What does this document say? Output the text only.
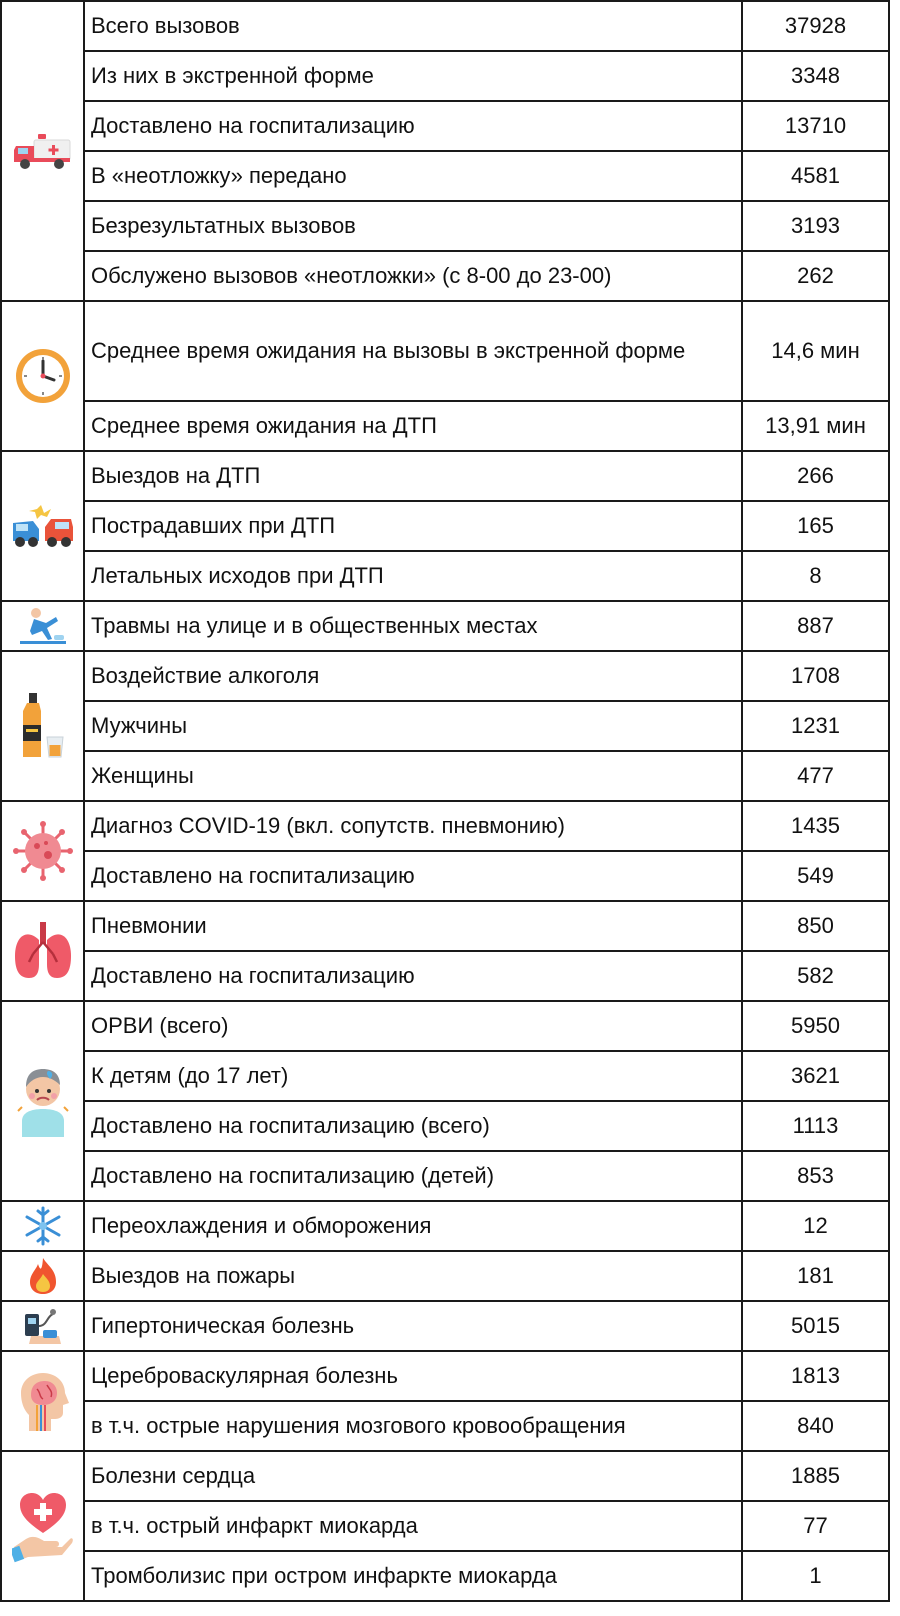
	Всего вызовов	37928
	Из них в экстренной форме	3348
	Доставлено на госпитализацию	13710
	В «неотложку» передано	4581
	Безрезультатных вызовов	3193
	Обслужено вызовов «неотложки» (с 8-00 до 23-00)	262

	Среднее время ожидания на вызовы в экстренной форме	14,6 мин
	Среднее время ожидания на ДТП	13,91 мин

	Выездов на ДТП	266
	Пострадавших при ДТП	165
	Летальных исходов при ДТП	8

	Травмы на улице и в общественных местах	887

	Воздействие алкоголя	1708
	Мужчины	1231
	Женщины	477

	Диагноз COVID-19 (вкл. сопутств. пневмонию)	1435
	Доставлено на госпитализацию	549

	Пневмонии	850
	Доставлено на госпитализацию	582

	ОРВИ (всего)	5950
	К детям (до 17 лет)	3621
	Доставлено на госпитализацию (всего)	1113
	Доставлено на госпитализацию (детей)	853

	Переохлаждения и обморожения	12

	Выездов на пожары	181

	Гипертоническая болезнь	5015

	Цереброваскулярная болезнь	1813
	в т.ч. острые нарушения мозгового кровообращения	840

	Болезни сердца	1885
	в т.ч. острый инфаркт миокарда	77
	Тромболизис при остром инфаркте миокарда	1
